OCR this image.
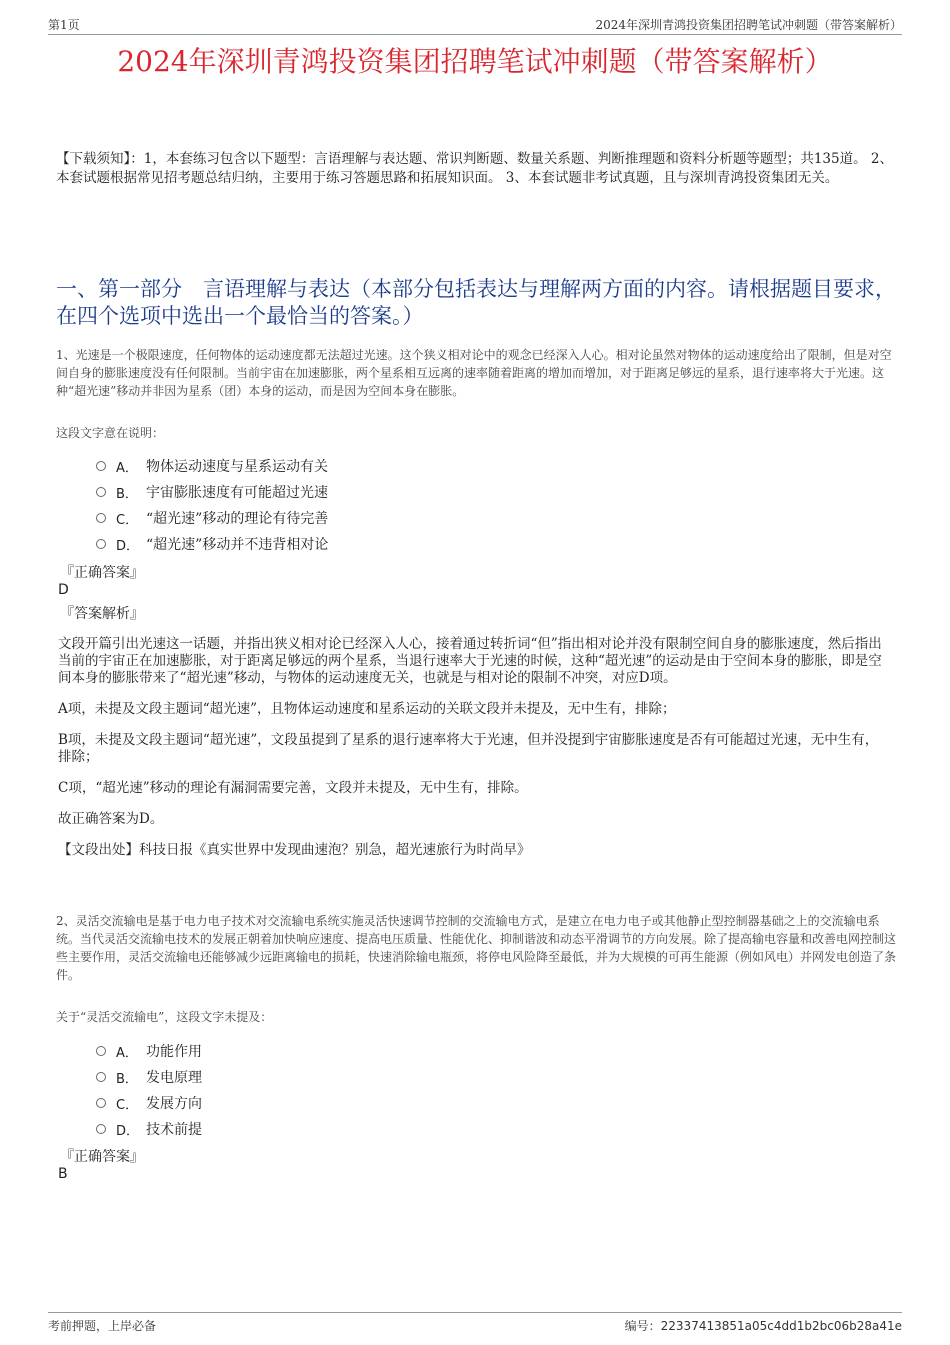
第1页	2024年深圳青鸿投资集团招聘笔试冲刺题（带答案解析）
2024年深圳青鸿投资集团招聘笔试冲刺题（带答案解析）
【下载须知】：1，本套练习包含以下题型：言语理解与表达题、常识判断题、数量关系题、判断推理题和资料分析题等题型；共135道。 2、本套试题根据常见招考题总结归纳，主要用于练习答题思路和拓展知识面。 3、本套试题非考试真题，且与深圳青鸿投资集团无关。
一、第一部分　言语理解与表达（本部分包括表达与理解两方面的内容。请根据题目要求，在四个选项中选出一个最恰当的答案。）
1、光速是一个极限速度，任何物体的运动速度都无法超过光速。这个狭义相对论中的观念已经深入人心。相对论虽然对物体的运动速度给出了限制，但是对空间自身的膨胀速度没有任何限制。当前宇宙在加速膨胀，两个星系相互远离的速率随着距离的增加而增加，对于距离足够远的星系，退行速率将大于光速。这种“超光速”移动并非因为星系（团）本身的运动，而是因为空间本身在膨胀。
这段文字意在说明：
A． 物体运动速度与星系运动有关
B． 宇宙膨胀速度有可能超过光速
C． “超光速”移动的理论有待完善
D． “超光速”移动并不违背相对论
『正确答案』
D
『答案解析』

文段开篇引出光速这一话题，并指出狭义相对论已经深入人心，接着通过转折词“但”指出相对论并没有限制空间自身的膨胀速度，然后指出当前的宇宙正在加速膨胀，对于距离足够远的两个星系，当退行速率大于光速的时候，这种“超光速”的运动是由于空间本身的膨胀，即是空间本身的膨胀带来了“超光速”移动，与物体的运动速度无关，也就是与相对论的限制不冲突，对应D项。

A项，未提及文段主题词“超光速”，且物体运动速度和星系运动的关联文段并未提及，无中生有，排除；

B项，未提及文段主题词“超光速”，文段虽提到了星系的退行速率将大于光速，但并没提到宇宙膨胀速度是否有可能超过光速，无中生有，排除；

C项，“超光速”移动的理论有漏洞需要完善，文段并未提及，无中生有，排除。

故正确答案为D。

【文段出处】科技日报《真实世界中发现曲速泡？别急，超光速旅行为时尚早》

2、灵活交流输电是基于电力电子技术对交流输电系统实施灵活快速调节控制的交流输电方式，是建立在电力电子或其他静止型控制器基础之上的交流输电系统。当代灵活交流输电技术的发展正朝着加快响应速度、提高电压质量、性能优化、抑制谐波和动态平滑调节的方向发展。除了提高输电容量和改善电网控制这些主要作用，灵活交流输电还能够减少远距离输电的损耗，快速消除输电瓶颈，将停电风险降至最低，并为大规模的可再生能源（例如风电）并网发电创造了条件。
关于“灵活交流输电”，这段文字未提及：
A． 功能作用
B． 发电原理
C． 发展方向
D． 技术前提
『正确答案』
B
考前押题，上岸必备	编号：22337413851a05c4dd1b2bc06b28a41e
